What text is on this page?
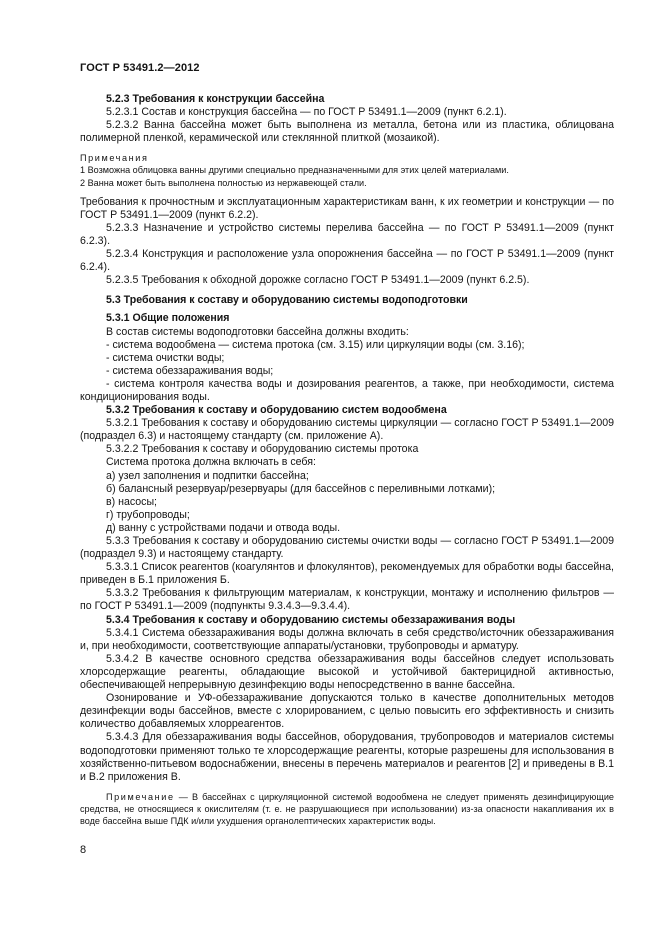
ГОСТ Р 53491.2—2012

5.2.3 Требования к конструкции бассейна

5.2.3.1 Состав и конструкция бассейна — по ГОСТ Р 53491.1—2009 (пункт 6.2.1).

5.2.3.2 Ванна бассейна может быть выполнена из металла, бетона или из пластика, облицована полимерной пленкой, керамической или стеклянной плиткой (мозаикой).

Примечания

1 Возможна облицовка ванны другими специально предназначенными для этих целей материалами.

2 Ванна может быть выполнена полностью из нержавеющей стали.

Требования к прочностным и эксплуатационным характеристикам ванн, к их геометрии и конструкции — по ГОСТ Р 53491.1—2009 (пункт 6.2.2).

5.2.3.3 Назначение и устройство системы перелива бассейна — по ГОСТ Р 53491.1—2009 (пункт 6.2.3).

5.2.3.4 Конструкция и расположение узла опорожнения бассейна — по ГОСТ Р 53491.1—2009 (пункт 6.2.4).

5.2.3.5 Требования к обходной дорожке согласно ГОСТ Р 53491.1—2009 (пункт 6.2.5).

5.3 Требования к составу и оборудованию системы водоподготовки

5.3.1 Общие положения

В состав системы водоподготовки бассейна должны входить:

- система водообмена — система протока (см. 3.15) или циркуляции воды (см. 3.16);

- система очистки воды;

- система обеззараживания воды;

- система контроля качества воды и дозирования реагентов, а также, при необходимости, система кондиционирования воды.

5.3.2 Требования к составу и оборудованию систем водообмена

5.3.2.1 Требования к составу и оборудованию системы циркуляции — согласно ГОСТ Р 53491.1—2009 (подраздел 6.3) и настоящему стандарту (см. приложение А).

5.3.2.2 Требования к составу и оборудованию системы протока

Система протока должна включать в себя:

а) узел заполнения и подпитки бассейна;

б) балансный резервуар/резервуары (для бассейнов с переливными лотками);

в) насосы;

г) трубопроводы;

д) ванну с устройствами подачи и отвода воды.

5.3.3 Требования к составу и оборудованию системы очистки воды — согласно ГОСТ Р 53491.1—2009 (подраздел 9.3) и настоящему стандарту.

5.3.3.1 Список реагентов (коагулянтов и флокулянтов), рекомендуемых для обработки воды бассейна, приведен в Б.1 приложения Б.

5.3.3.2 Требования к фильтрующим материалам, к конструкции, монтажу и исполнению фильтров — по ГОСТ Р 53491.1—2009 (подпункты 9.3.4.3—9.3.4.4).

5.3.4 Требования к составу и оборудованию системы обеззараживания воды

5.3.4.1 Система обеззараживания воды должна включать в себя средство/источник обеззараживания и, при необходимости, соответствующие аппараты/установки, трубопроводы и арматуру.

5.3.4.2 В качестве основного средства обеззараживания воды бассейнов следует использовать хлорсодержащие реагенты, обладающие высокой и устойчивой бактерицидной активностью, обеспечивающей непрерывную дезинфекцию воды непосредственно в ванне бассейна.

Озонирование и УФ-обеззараживание допускаются только в качестве дополнительных методов дезинфекции воды бассейнов, вместе с хлорированием, с целью повысить его эффективность и снизить количество добавляемых хлорреагентов.

5.3.4.3 Для обеззараживания воды бассейнов, оборудования, трубопроводов и материалов системы водоподготовки применяют только те хлорсодержащие реагенты, которые разрешены для использования в хозяйственно-питьевом водоснабжении, внесены в перечень материалов и реагентов [2] и приведены в В.1 и В.2 приложения В.

Примечание — В бассейнах с циркуляционной системой водообмена не следует применять дезинфицирующие средства, не относящиеся к окислителям (т. е. не разрушающиеся при использовании) из-за опасности накапливания их в воде бассейна выше ПДК и/или ухудшения органолептических характеристик воды.

8
